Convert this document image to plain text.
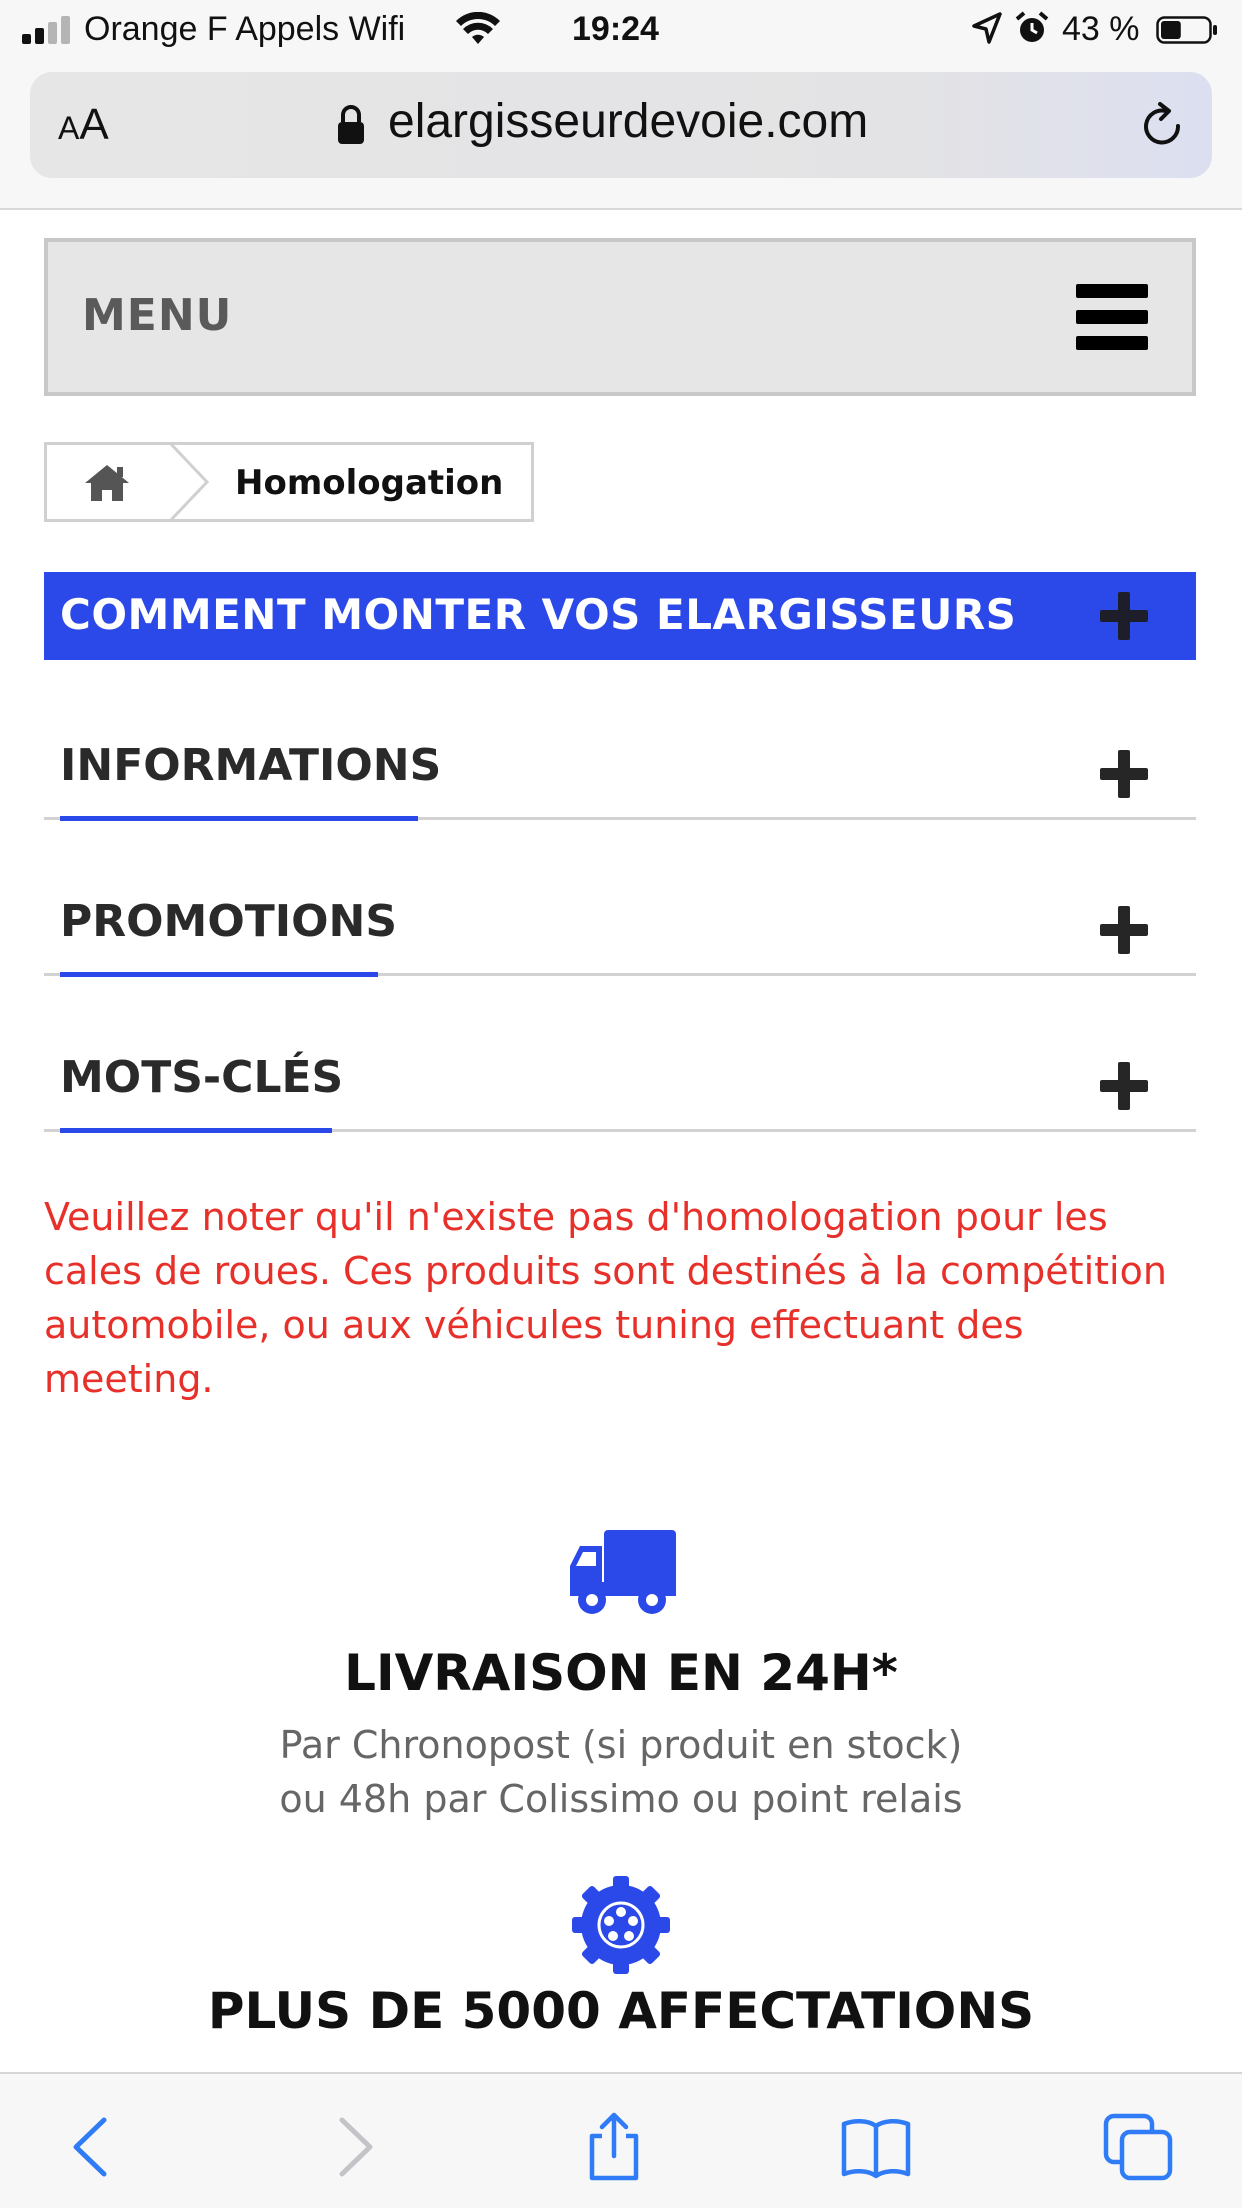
Orange F Appels Wifi	19:24	43 %
AA	elargisseurdevoie.com
MENU
Homologation
COMMENT MONTER VOS ELARGISSEURS
INFORMATIONS
PROMOTIONS
MOTS-CLÉS
Veuillez noter qu'il n'existe pas d'homologation pour les cales de roues. Ces produits sont destinés à la compétition automobile, ou aux véhicules tuning effectuant des meeting.
LIVRAISON EN 24H*
Par Chronopost (si produit en stock)
ou 48h par Colissimo ou point relais
PLUS DE 5000 AFFECTATIONS
